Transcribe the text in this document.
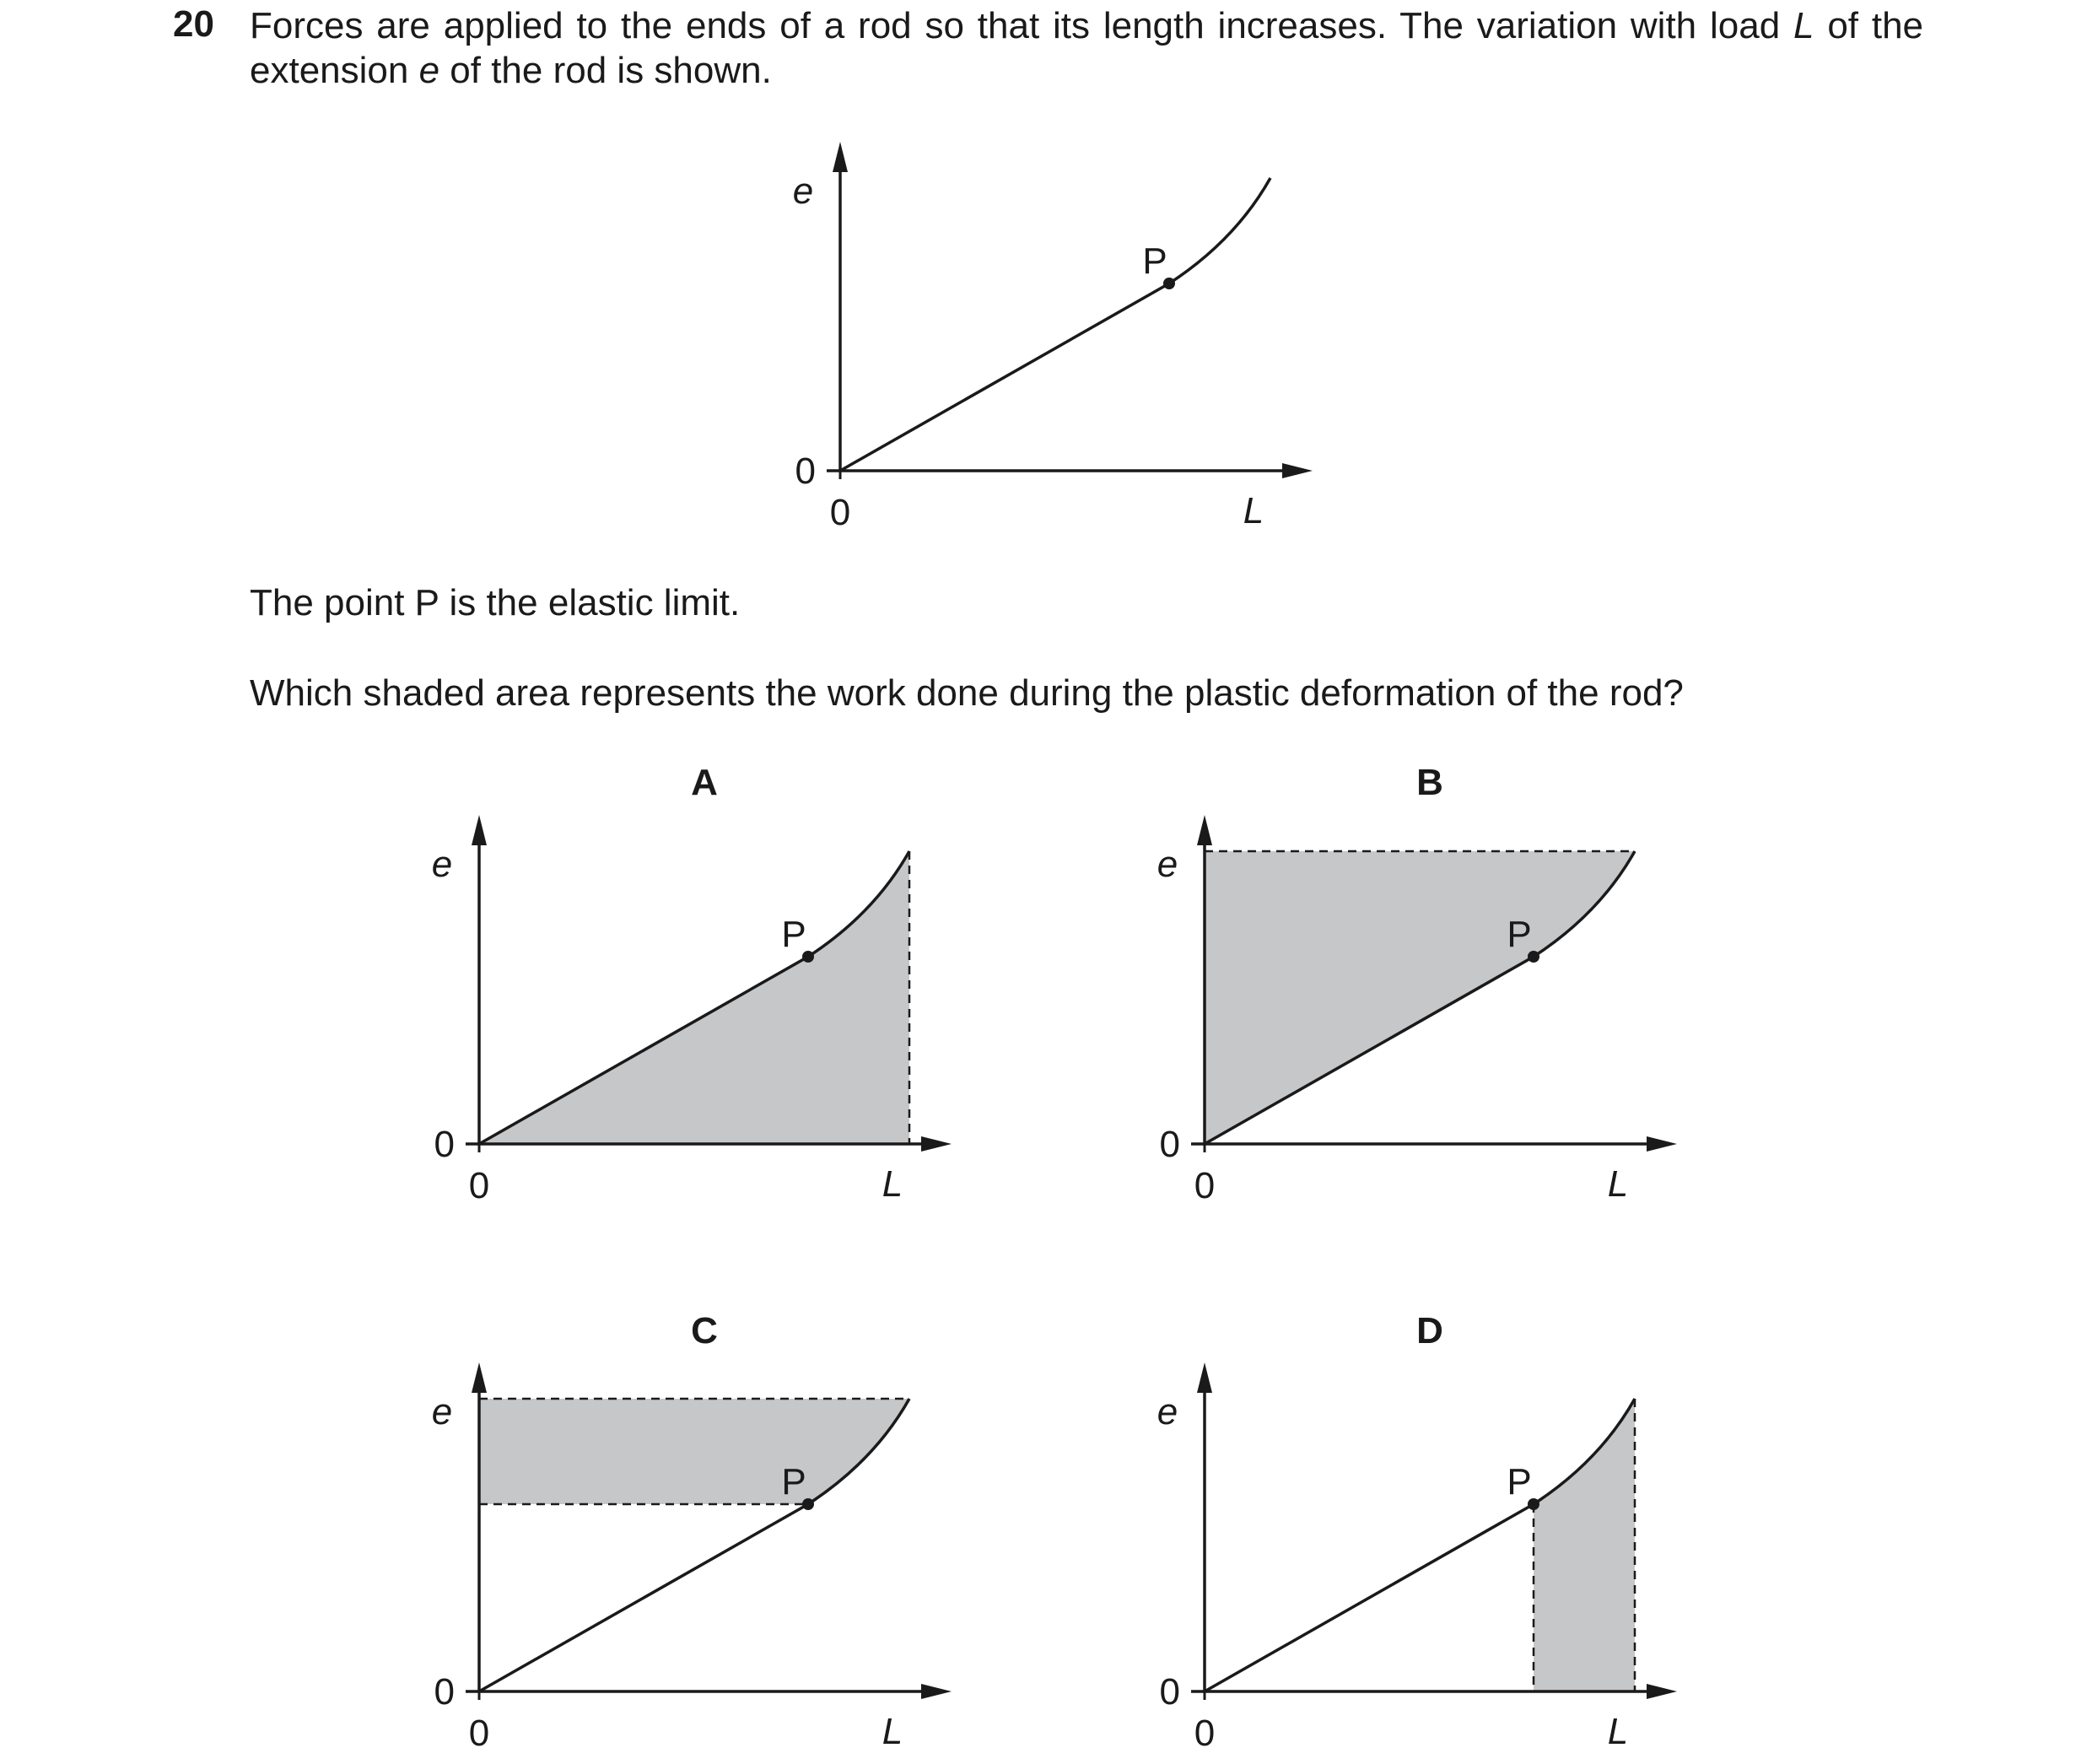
20 Forces are applied to the ends of a rod so that its length increases. The variation with load L of the extension e of the rod is shown.

The point P is the elastic limit.

Which shaded area represents the work done during the plastic deformation of the rod?

A	B
C	D
P
e
L
0
0
P
e
L
0
0
P
e
L
0
0
P
e
L
0
0
P
e
L
0
0
